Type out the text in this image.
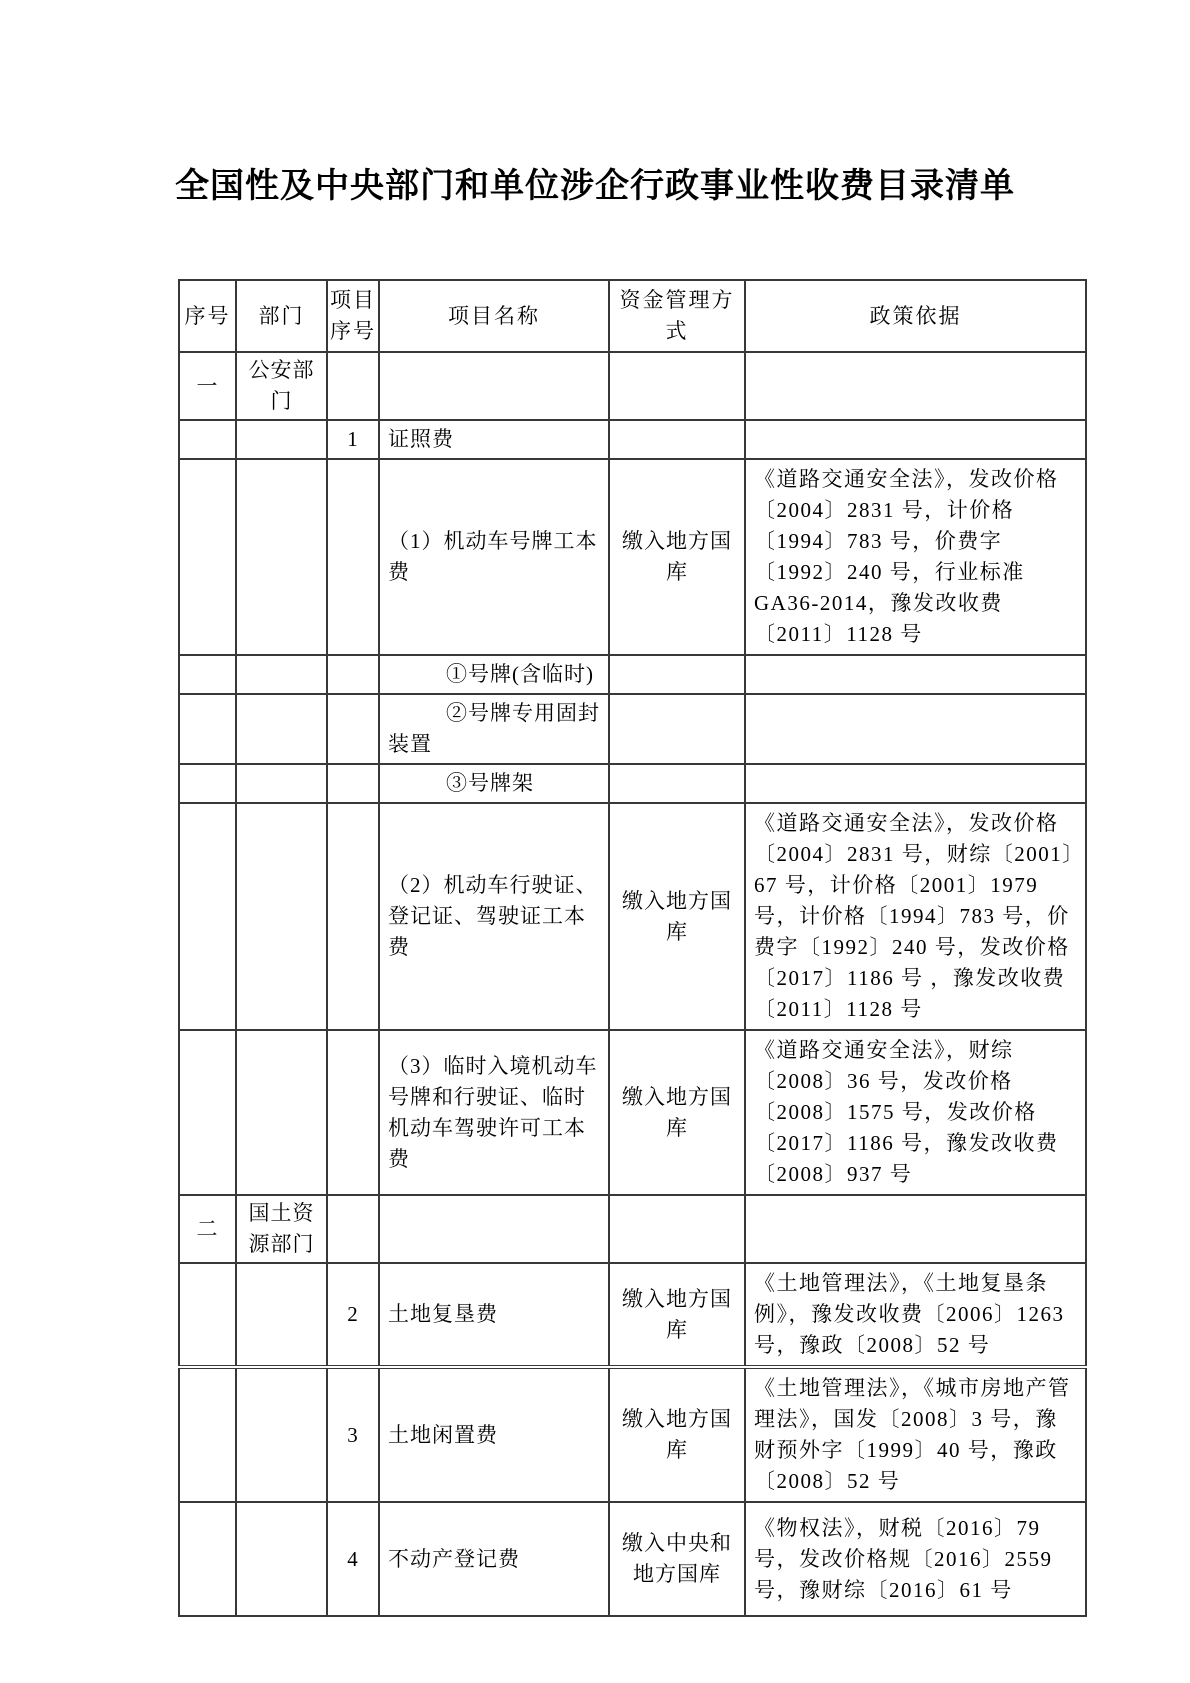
全国性及中央部门和单位涉企行政事业性收费目录清单
序号	部门	项目序号	项目名称	资金管理方式	政策依据
一	公安部门				
		1	证照费		
			（1）机动车号牌工本费	缴入地方国库	《道路交通安全法》，发改价格〔2004〕2831 号，计价格〔1994〕783 号，价费字〔1992〕240 号，行业标准 GA36-2014，豫发改收费〔2011〕1128 号
			①号牌(含临时)		
			②号牌专用固封装置		
			③号牌架		
			（2）机动车行驶证、登记证、驾驶证工本费	缴入地方国库	《道路交通安全法》，发改价格〔2004〕2831 号，财综〔2001〕67 号，计价格〔2001〕1979 号，计价格〔1994〕783 号，价费字〔1992〕240 号，发改价格〔2017〕1186 号 ，豫发改收费〔2011〕1128 号
			（3）临时入境机动车号牌和行驶证、临时机动车驾驶许可工本费	缴入地方国库	《道路交通安全法》，财综〔2008〕36 号，发改价格〔2008〕1575 号，发改价格〔2017〕1186 号，豫发改收费〔2008〕937 号
二	国土资源部门				
		2	土地复垦费	缴入地方国库	《土地管理法》，《土地复垦条例》，豫发改收费〔2006〕1263 号，豫政〔2008〕52 号
		3	土地闲置费	缴入地方国库	《土地管理法》，《城市房地产管理法》，国发〔2008〕3 号，豫财预外字〔1999〕40 号，豫政〔2008〕52 号
		4	不动产登记费	缴入中央和地方国库	《物权法》，财税〔2016〕79 号，发改价格规〔2016〕2559 号，豫财综〔2016〕61 号
